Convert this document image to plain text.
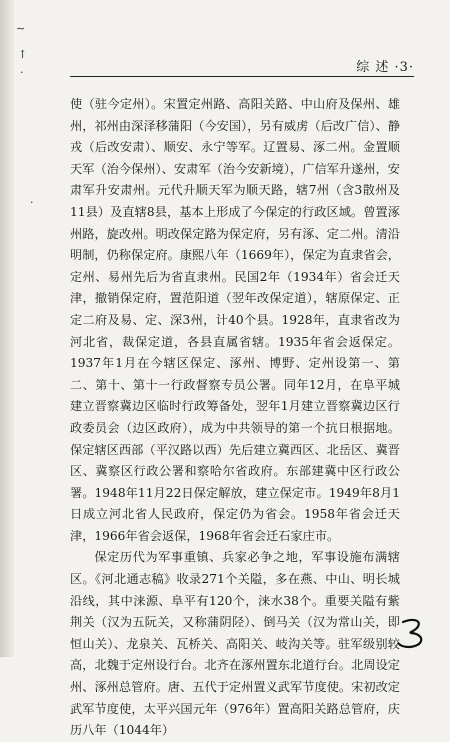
∼
↑
·
·
综 述 ·3·

使（驻今定州）。宋置定州路、高阳关路、中山府及保州、雄州，祁州由深泽移蒲阳（今安国），另有威虏（后改广信）、静戎（后改安肃）、顺安、永宁等军。辽置易、涿二州。金置顺天军（治今保州）、安肃军（治今安新境），广信军升遂州，安肃军升安肃州。元代升顺天军为顺天路，辖7州（含3散州及11县）及直辖8县，基本上形成了今保定的行政区域。曾置涿州路，旋改州。明改保定路为保定府，另有涿、定二州。清沿明制，仍称保定府。康熙八年（1669年），保定为直隶省会，定州、易州先后为省直隶州。民国2年（1934年）省会迁天津，撤销保定府，置范阳道（翌年改保定道），辖原保定、正定二府及易、定、深3州，计40个县。1928年，直隶省改为河北省，裁保定道，各县直属省辖。1935年省会返保定。1937年1月在今辖区保定、涿州、博野、定州设第一、第二、第十、第十一行政督察专员公署。同年12月，在阜平城建立晋察冀边区临时行政筹备处，翌年1月建立晋察冀边区行政委员会（边区政府），成为中共领导的第一个抗日根据地。保定辖区西部（平汉路以西）先后建立冀西区、北岳区、冀晋区、冀察区行政公署和察哈尔省政府。东部建冀中区行政公署。1948年11月22日保定解放，建立保定市。1949年8月1日成立河北省人民政府，保定仍为省会。1958年省会迁天津，1966年省会返保，1968年省会迁石家庄市。

保定历代为军事重镇、兵家必争之地，军事设施布满辖区。《河北通志稿》收录271个关隘，多在燕、中山、明长城沿线，其中涞源、阜平有120个，涞水38个。重要关隘有紫荆关（汉为五阮关，又称蒲阴陉）、倒马关（汉为常山关，即恒山关）、龙泉关、瓦桥关、高阳关、岐沟关等。驻军级别较高，北魏于定州设行台。北齐在涿州置东北道行台。北周设定州、涿州总管府。唐、五代于定州置义武军节度使。宋初改定武军节度使，太平兴国元年（976年）置高阳关路总管府，庆历八年（1044年）
